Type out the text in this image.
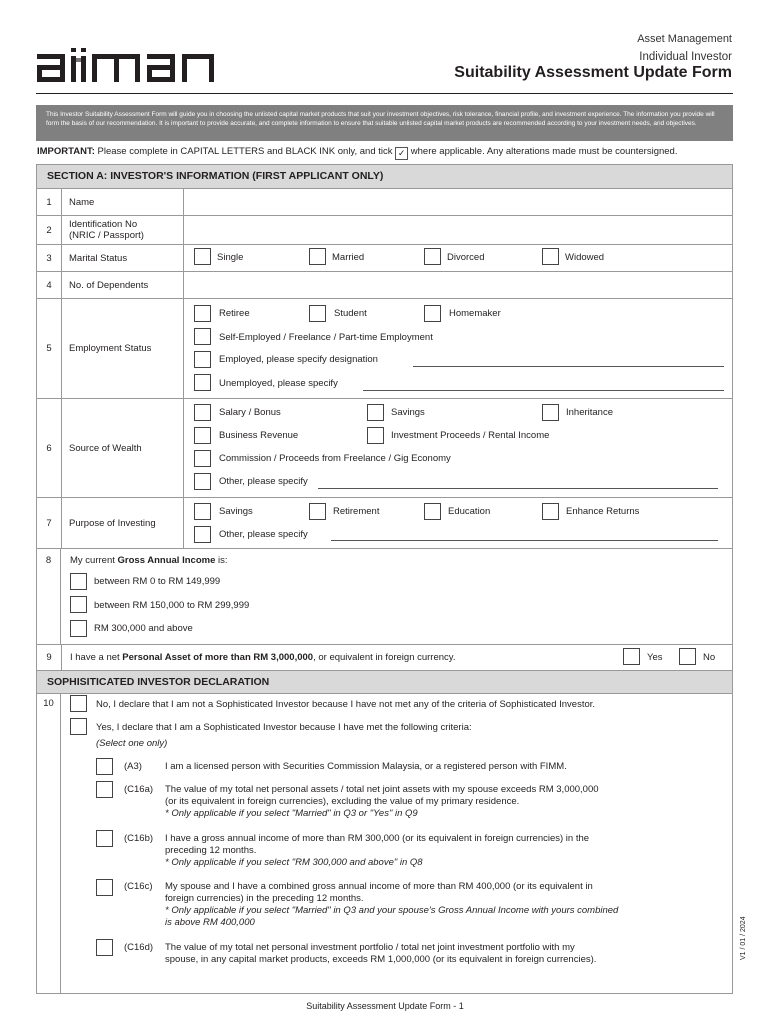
Asset Management
Individual Investor
Suitability Assessment Update Form
This Investor Suitability Assessment Form will guide you in choosing the unlisted capital market products that suit your investment objectives, risk tolerance, financial profile, and investment experience. The information you provide will form the basis of our recommendation. It is important to provide accurate, and complete information to ensure that suitable unlisted capital market products are recommended according to your investment needs, and objectives.
IMPORTANT: Please complete in CAPITAL LETTERS and BLACK INK only, and tick ✓ where applicable. Any alterations made must be countersigned.
SECTION A: INVESTOR'S INFORMATION (FIRST APPLICANT ONLY)
1	Name
2	Identification No
(NRIC / Passport)
3	Marital Status	Single	Married	Divorced	Widowed
4	No. of Dependents
5	Employment Status
Retiree	Student	Homemaker
Self-Employed / Freelance / Part-time Employment
Employed, please specify designation
Unemployed, please specify
6	Source of Wealth
Salary / Bonus	Savings	Inheritance
Business Revenue	Investment Proceeds / Rental Income
Commission / Proceeds from Freelance / Gig Economy
Other, please specify
7	Purpose of Investing
Savings	Retirement	Education	Enhance Returns
Other, please specify
8	My current Gross Annual Income is:
between RM 0 to RM 149,999
between RM 150,000 to RM 299,999
RM 300,000 and above
9	I have a net Personal Asset of more than RM 3,000,000, or equivalent in foreign currency.	Yes	No
SOPHISITICATED INVESTOR DECLARATION
10	No, I declare that I am not a Sophisticated Investor because I have not met any of the criteria of Sophisticated Investor.
Yes, I declare that I am a Sophisticated Investor because I have met the following criteria:
(Select one only)
(A3) I am a licensed person with Securities Commission Malaysia, or a registered person with FIMM.
(C16a) The value of my total net personal assets / total net joint assets with my spouse exceeds RM 3,000,000
(or its equivalent in foreign currencies), excluding the value of my primary residence.
* Only applicable if you select "Married" in Q3 or "Yes" in Q9
(C16b) I have a gross annual income of more than RM 300,000 (or its equivalent in foreign currencies) in the
preceding 12 months.
* Only applicable if you select "RM 300,000 and above" in Q8
(C16c) My spouse and I have a combined gross annual income of more than RM 400,000 (or its equivalent in
foreign currencies) in the preceding 12 months.
* Only applicable if you select "Married" in Q3 and your spouse's Gross Annual Income with yours combined
is above RM 400,000
(C16d) The value of my total net personal investment portfolio / total net joint investment portfolio with my
spouse, in any capital market products, exceeds RM 1,000,000 (or its equivalent in foreign currencies).	V1 / 01 / 2024
Suitability Assessment Update Form - 1
